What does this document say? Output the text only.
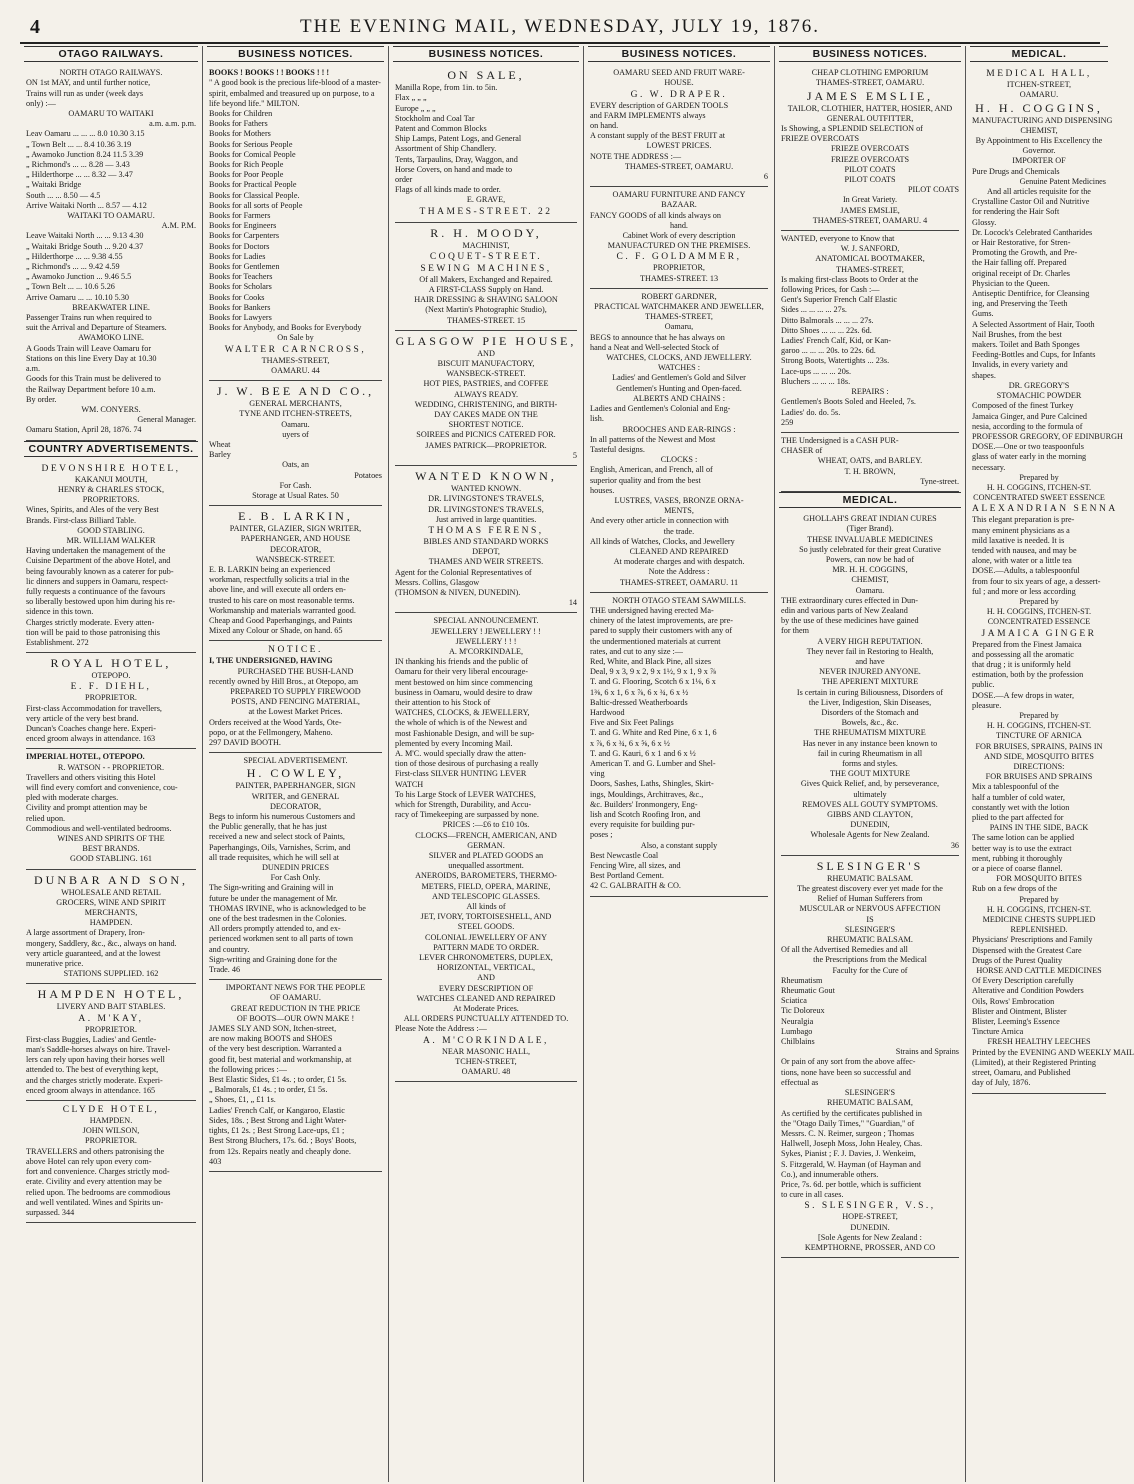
4	THE EVENING MAIL, WEDNESDAY, JULY 19, 1876.
OTAGO RAILWAYS.
NORTH OTAGO RAILWAYS.
ON 1st MAY, and until further notice,
Trains will run as under (week days
only) :—
OAMARU TO WAITAKI
a.m. a.m. p.m.
Leav Oamaru ... ... ... 8.0 10.30 3.15
„ Town Belt ... ... 8.4 10.36 3.19
„ Awamoko Junction 8.24 11.5 3.39
„ Richmond's ... ... 8.28 — 3.43
„ Hilderthorpe ... ... 8.32 — 3.47
„ Waitaki Bridge
South ... ... 8.50 — 4.5
Arrive Waitaki North ... 8.57 — 4.12
WAITAKI TO OAMARU.
A.M. P.M.
Leave Waitaki North ... ... 9.13 4.30
„ Waitaki Bridge South ... 9.20 4.37
„ Hilderthorpe ... ... 9.38 4.55
„ Richmond's ... ... 9.42 4.59
„ Awamoko Junction ... 9.46 5.5
„ Town Belt ... ... 10.6 5.26
Arrive Oamaru ... ... 10.10 5.30
BREAKWATER LINE.
Passenger Trains run when required to
suit the Arrival and Departure of Steamers.
AWAMOKO LINE.
A Goods Train will Leave Oamaru for
Stations on this line Every Day at 10.30
a.m.
Goods for this Train must be delivered to
the Railway Department before 10 a.m.
By order.
WM. CONYERS.
General Manager.
Oamaru Station, April 28, 1876. 74
COUNTRY ADVERTISEMENTS.
DEVONSHIRE HOTEL,
KAKANUI MOUTH,
HENRY & CHARLES STOCK,
PROPRIETORS.
Wines, Spirits, and Ales of the very Best
Brands. First-class Billiard Table.
GOOD STABLING.
MR. WILLIAM WALKER
Having undertaken the management of the
Cuisine Department of the above Hotel, and
being favourably known as a caterer for pub-
lic dinners and suppers in Oamaru, respect-
fully requests a continuance of the favours
so liberally bestowed upon him during his re-
sidence in this town.
Charges strictly moderate. Every atten-
tion will be paid to those patronising this
Establishment. 272
ROYAL HOTEL,
OTEPOPO.
E. F. DIEHL,
PROPRIETOR.
First-class Accommodation for travellers,
very article of the very best brand.
Duncan's Coaches change here. Experi-
enced groom always in attendance. 163
IMPERIAL HOTEL, OTEPOPO.
R. WATSON - - PROPRIETOR.
Travellers and others visiting this Hotel
will find every comfort and convenience, cou-
pled with moderate charges.
Civility and prompt attention may be
relied upon.
Commodious and well-ventilated bedrooms.
WINES AND SPIRITS OF THE
BEST BRANDS.
GOOD STABLING. 161
DUNBAR AND SON,
WHOLESALE AND RETAIL
GROCERS, WINE AND SPIRIT
MERCHANTS,
HAMPDEN.
A large assortment of Drapery, Iron-
mongery, Saddlery, &c., &c., always on hand.
very article guaranteed, and at the lowest
munerative price.
STATIONS SUPPLIED. 162
HAMPDEN HOTEL,
LIVERY AND BAIT STABLES.
A. M'KAY,
PROPRIETOR.
First-class Buggies, Ladies' and Gentle-
man's Saddle-horses always on hire. Travel-
lers can rely upon having their horses well
attended to. The best of everything kept,
and the charges strictly moderate. Experi-
enced groom always in attendance. 165
CLYDE HOTEL,
HAMPDEN.
JOHN WILSON,
PROPRIETOR.
TRAVELLERS and others patronising the
above Hotel can rely upon every com-
fort and convenience. Charges strictly mod-
erate. Civility and every attention may be
relied upon. The bedrooms are commodious
and well ventilated. Wines and Spirits un-
surpassed. 344
BUSINESS NOTICES.
BOOKS ! BOOKS ! ! BOOKS ! ! !
" A good book is the precious life-blood of a master-
spirit, embalmed and treasured up on purpose, to a
life beyond life." MILTON.
Books for Children
Books for Fathers
Books for Mothers
Books for Serious People
Books for Comical People
Books for Rich People
Books for Poor People
Books for Practical People
Books for Classical People.
Books for all sorts of People
Books for Farmers
Books for Engineers
Books for Carpenters
Books for Doctors
Books for Ladies
Books for Gentlemen
Books for Teachers
Books for Scholars
Books for Cooks
Books for Bankers
Books for Lawyers
Books for Anybody, and Books for Everybody
On Sale by
WALTER CARNCROSS,
THAMES-STREET,
OAMARU. 44
J. W. BEE AND CO.,
GENERAL MERCHANTS,
TYNE AND ITCHEN-STREETS,
Oamaru.
uyers of
Wheat
Barley
Oats, an
Potatoes
For Cash.
Storage at Usual Rates. 50
E. B. LARKIN,
PAINTER, GLAZIER, SIGN WRITER,
PAPERHANGER, AND HOUSE
DECORATOR,
WANSBECK-STREET.
E. B. LARKIN being an experienced
workman, respectfully solicits a trial in the
above line, and will execute all orders en-
trusted to his care on most reasonable terms.
Workmanship and materials warranted good.
Cheap and Good Paperhangings, and Paints
Mixed any Colour or Shade, on hand. 65
NOTICE.
I, THE UNDERSIGNED, HAVING
PURCHASED THE BUSH-LAND
recently owned by Hill Bros., at Otepopo, am
PREPARED TO SUPPLY FIREWOOD
POSTS, AND FENCING MATERIAL,
at the Lowest Market Prices.
Orders received at the Wood Yards, Ote-
popo, or at the Fellmongery, Maheno.
297 DAVID BOOTH.
SPECIAL ADVERTISEMENT.
H. COWLEY,
PAINTER, PAPERHANGER, SIGN
WRITER, and GENERAL
DECORATOR,
Begs to inform his numerous Customers and
the Public generally, that he has just
received a new and select stock of Paints,
Paperhangings, Oils, Varnishes, Scrim, and
all trade requisites, which he will sell at
DUNEDIN PRICES
For Cash Only.
The Sign-writing and Graining will in
future be under the management of Mr.
THOMAS IRVINE, who is acknowledged to be
one of the best tradesmen in the Colonies.
All orders promptly attended to, and ex-
perienced workmen sent to all parts of town
and country.
Sign-writing and Graining done for the
Trade. 46
IMPORTANT NEWS FOR THE PEOPLE
OF OAMARU.
GREAT REDUCTION IN THE PRICE
OF BOOTS—OUR OWN MAKE !
JAMES SLY AND SON, Itchen-street,
are now making BOOTS and SHOES
of the very best description. Warranted a
good fit, best material and workmanship, at
the following prices :—
Best Elastic Sides, £1 4s. ; to order, £1 5s.
„ Balmorals, £1 4s. ; to order, £1 5s.
„ Shoes, £1, „ £1 1s.
Ladies' French Calf, or Kangaroo, Elastic
Sides, 18s. ; Best Strong and Light Water-
tights, £1 2s. ; Best Strong Lace-ups, £1 ;
Best Strong Bluchers, 17s. 6d. ; Boys' Boots,
from 12s. Repairs neatly and cheaply done.
403
BUSINESS NOTICES.
ON SALE,
Manilla Rope, from 1in. to 5in.
Flax „ „ „
Europe „ „ „
Stockholm and Coal Tar
Patent and Common Blocks
Ship Lamps, Patent Logs, and General
Assortment of Ship Chandlery.
Tents, Tarpaulins, Dray, Waggon, and
Horse Covers, on hand and made to
order
Flags of all kinds made to order.
E. GRAVE,
THAMES-STREET. 22
R. H. MOODY,
MACHINIST,
COQUET-STREET.
SEWING MACHINES,
Of all Makers, Exchanged and Repaired.
A FIRST-CLASS Supply on Hand.
HAIR DRESSING & SHAVING SALOON
(Next Martin's Photographic Studio),
THAMES-STREET. 15
GLASGOW PIE HOUSE,
AND
BISCUIT MANUFACTORY,
WANSBECK-STREET.
HOT PIES, PASTRIES, and COFFEE
ALWAYS READY.
WEDDING, CHRISTENING, and BIRTH-
DAY CAKES MADE ON THE
SHORTEST NOTICE.
SOIREES and PICNICS CATERED FOR.
JAMES PATRICK—PROPRIETOR.
5
WANTED KNOWN,
WANTED KNOWN.
DR. LIVINGSTONE'S TRAVELS,
DR. LIVINGSTONE'S TRAVELS,
Just arrived in large quantities.
THOMAS FERENS,
BIBLES AND STANDARD WORKS
DEPOT,
THAMES AND WEIR STREETS.
Agent for the Colonial Representatives of
Messrs. Collins, Glasgow
(THOMSON & NIVEN, DUNEDIN).
14
SPECIAL ANNOUNCEMENT.
JEWELLERY ! JEWELLERY ! !
JEWELLERY ! ! !
A. M'CORKINDALE,
IN thanking his friends and the public of
Oamaru for their very liberal encourage-
ment bestowed on him since commencing
business in Oamaru, would desire to draw
their attention to his Stock of
WATCHES, CLOCKS, & JEWELLERY,
the whole of which is of the Newest and
most Fashionable Design, and will be sup-
plemented by every Incoming Mail.
A. M'C. would specially draw the atten-
tion of those desirous of purchasing a really
First-class SILVER HUNTING LEVER
WATCH
To his Large Stock of LEVER WATCHES,
which for Strength, Durability, and Accu-
racy of Timekeeping are surpassed by none.
PRICES :—£6 to £10 10s.
CLOCKS—FRENCH, AMERICAN, AND
GERMAN.
SILVER and PLATED GOODS an
unequalled assortment.
ANEROIDS, BAROMETERS, THERMO-
METERS, FIELD, OPERA, MARINE,
AND TELESCOPIC GLASSES.
All kinds of
JET, IVORY, TORTOISESHELL, AND
STEEL GOODS.
COLONIAL JEWELLERY OF ANY
PATTERN MADE TO ORDER.
LEVER CHRONOMETERS, DUPLEX,
HORIZONTAL, VERTICAL,
AND
EVERY DESCRIPTION OF
WATCHES CLEANED AND REPAIRED
At Moderate Prices.
ALL ORDERS PUNCTUALLY ATTENDED TO.
Please Note the Address :—
A. M'CORKINDALE,
NEAR MASONIC HALL,
TCHEN-STREET,
OAMARU. 48
BUSINESS NOTICES.
OAMARU SEED AND FRUIT WARE-
HOUSE.
G. W. DRAPER.
EVERY description of GARDEN TOOLS
and FARM IMPLEMENTS always
on hand.
A constant supply of the BEST FRUIT at
LOWEST PRICES.
NOTE THE ADDRESS :—
THAMES-STREET, OAMARU.
6
OAMARU FURNITURE AND FANCY
BAZAAR.
FANCY GOODS of all kinds always on
hand.
Cabinet Work of every description
MANUFACTURED ON THE PREMISES.
C. F. GOLDAMMER,
PROPRIETOR,
THAMES-STREET. 13
ROBERT GARDNER,
PRACTICAL WATCHMAKER AND JEWELLER,
THAMES-STREET,
Oamaru,
BEGS to announce that he has always on
hand a Neat and Well-selected Stock of
WATCHES, CLOCKS, AND JEWELLERY.
WATCHES :
Ladies' and Gentlemen's Gold and Silver
Gentlemen's Hunting and Open-faced.
ALBERTS AND CHAINS :
Ladies and Gentlemen's Colonial and Eng-
lish.
BROOCHES AND EAR-RINGS :
In all patterns of the Newest and Most
Tasteful designs.
CLOCKS :
English, American, and French, all of
superior quality and from the best
houses.
LUSTRES, VASES, BRONZE ORNA-
MENTS,
And every other article in connection with
the trade.
All kinds of Watches, Clocks, and Jewellery
CLEANED AND REPAIRED
At moderate charges and with despatch.
Note the Address :
THAMES-STREET, OAMARU. 11
NORTH OTAGO STEAM SAWMILLS.
THE undersigned having erected Ma-
chinery of the latest improvements, are pre-
pared to supply their customers with any of
the undermentioned materials at current
rates, and cut to any size :—
Red, White, and Black Pine, all sizes
Deal, 9 x 3, 9 x 2, 9 x 1½, 9 x 1, 9 x ⅞
T. and G. Flooring, Scotch 6 x 1⅛, 6 x
1⅜, 6 x 1, 6 x ⅞, 6 x ¾, 6 x ½
Baltic-dressed Weatherboards
Hardwood
Five and Six Feet Palings
T. and G. White and Red Pine, 6 x 1, 6
x ⅞, 6 x ¾, 6 x ⅝, 6 x ½
T. and G. Kauri, 6 x 1 and 6 x ½
American T. and G. Lumber and Shel-
ving
Doors, Sashes, Laths, Shingles, Skirt-
ings, Mouldings, Architraves, &c.,
&c. Builders' Ironmongery, Eng-
lish and Scotch Roofing Iron, and
every requisite for building pur-
poses ;
Also, a constant supply
Best Newcastle Coal
Fencing Wire, all sizes, and
Best Portland Cement.
42 C. GALBRAITH & CO.
BUSINESS NOTICES.
CHEAP CLOTHING EMPORIUM
THAMES-STREET, OAMARU.
JAMES EMSLIE,
TAILOR, CLOTHIER, HATTER, HOSIER, AND
GENERAL OUTFITTER,
Is Showing, a SPLENDID SELECTION of
FRIEZE OVERCOATS
FRIEZE OVERCOATS
FRIEZE OVERCOATS
PILOT COATS
PILOT COATS
PILOT COATS
In Great Variety.
JAMES EMSLIE,
THAMES-STREET, OAMARU. 4
WANTED, everyone to Know that
W. J. SANFORD,
ANATOMICAL BOOTMAKER,
THAMES-STREET,
Is making first-class Boots to Order at the
following Prices, for Cash :—
Gent's Superior French Calf Elastic
Sides ... ... ... ... 27s.
Ditto Balmorals ... ... ... 27s.
Ditto Shoes ... ... ... 22s. 6d.
Ladies' French Calf, Kid, or Kan-
garoo ... ... ... 20s. to 22s. 6d.
Strong Boots, Watertights ... 23s.
Lace-ups ... ... ... 20s.
Bluchers ... ... ... 18s.
REPAIRS :
Gentlemen's Boots Soled and Heeled, 7s.
Ladies' do. do. 5s.
259
THE Undersigned is a CASH PUR-
CHASER of
WHEAT, OATS, and BARLEY.
T. H. BROWN,
Tyne-street.
MEDICAL.
GHOLLAH'S GREAT INDIAN CURES
(Tiger Brand).
THESE INVALUABLE MEDICINES
So justly celebrated for their great Curative
Powers, can now be had of
MR. H. H. COGGINS,
CHEMIST,
Oamaru.
THE extraordinary cures effected in Dun-
edin and various parts of New Zealand
by the use of these medicines have gained
for them
A VERY HIGH REPUTATION.
They never fail in Restoring to Health,
and have
NEVER INJURED ANYONE.
THE APERIENT MIXTURE
Is certain in curing Biliousness, Disorders of
the Liver, Indigestion, Skin Diseases,
Disorders of the Stomach and
Bowels, &c., &c.
THE RHEUMATISM MIXTURE
Has never in any instance been known to
fail in curing Rheumatism in all
forms and styles.
THE GOUT MIXTURE
Gives Quick Relief, and, by perseverance,
ultimately
REMOVES ALL GOUTY SYMPTOMS.
GIBBS AND CLAYTON,
DUNEDIN,
Wholesale Agents for New Zealand.
36
SLESINGER'S
RHEUMATIC BALSAM.
The greatest discovery ever yet made for the
Relief of Human Sufferers from
MUSCULAR or NERVOUS AFFECTION
IS
SLESINGER'S
RHEUMATIC BALSAM.
Of all the Advertised Remedies and all
the Prescriptions from the Medical
Faculty for the Cure of
Rheumatism
Rheumatic Gout
Sciatica
Tic Doloreux
Neuralgia
Lumbago
Chilblains
Strains and Sprains
Or pain of any sort from the above affec-
tions, none have been so successful and
effectual as
SLESINGER'S
RHEUMATIC BALSAM,
As certified by the certificates published in
the "Otago Daily Times," "Guardian," of
Messrs. C. N. Reimer, surgeon ; Thomas
Hallwell, Joseph Moss, John Healey, Chas.
Sykes, Pianist ; F. J. Davies, J. Wenkeim,
S. Fitzgerald, W. Hayman (of Hayman and
Co.), and innumerable others.
Price, 7s. 6d. per bottle, which is sufficient
to cure in all cases.
S. SLESINGER, V.S.,
HOPE-STREET,
DUNEDIN.
[Sole Agents for New Zealand :
KEMPTHORNE, PROSSER, AND CO
MEDICAL.
MEDICAL HALL,
ITCHEN-STREET,
OAMARU.
H. H. COGGINS,
MANUFACTURING AND DISPENSING
CHEMIST,
By Appointment to His Excellency the
Governor.
IMPORTER OF
Pure Drugs and Chemicals
Genuine Patent Medicines
And all articles requisite for the
Crystalline Castor Oil and Nutritive
for rendering the Hair Soft
Glossy.
Dr. Locock's Celebrated Cantharides
or Hair Restorative, for Stren-
Promoting the Growth, and Pre-
the Hair falling off. Prepared
original receipt of Dr. Charles
Physician to the Queen.
Antiseptic Dentifrice, for Cleansing
ing, and Preserving the Teeth
Gums.
A Selected Assortment of Hair, Tooth
Nail Brushes, from the best
makers. Toilet and Bath Sponges
Feeding-Bottles and Cups, for Infants
Invalids, in every variety and
shapes.
DR. GREGORY'S
STOMACHIC POWDER
Composed of the finest Turkey
Jamaica Ginger, and Pure Calcined
nesia, according to the formula of
PROFESSOR GREGORY, OF EDINBURGH
DOSE.—One or two teaspoonfuls
glass of water early in the morning
necessary.
Prepared by
H. H. COGGINS, ITCHEN-ST.
CONCENTRATED SWEET ESSENCE
ALEXANDRIAN SENNA
This elegant preparation is pre-
many eminent physicians as a
mild laxative is needed. It is
tended with nausea, and may be
alone, with water or a little tea
DOSE.—Adults, a tablespoonful
from four to six years of age, a dessert-
ful ; and more or less according
Prepared by
H. H. COGGINS, ITCHEN-ST.
CONCENTRATED ESSENCE
JAMAICA GINGER
Prepared from the Finest Jamaica
and possessing all the aromatic
that drug ; it is uniformly held
estimation, both by the profession
public.
DOSE.—A few drops in water,
pleasure.
Prepared by
H. H. COGGINS, ITCHEN-ST.
TINCTURE OF ARNICA
FOR BRUISES, SPRAINS, PAINS IN
AND SIDE, MOSQUITO BITES
DIRECTIONS:
FOR BRUISES AND SPRAINS
Mix a tablespoonful of the
half a tumbler of cold water,
constantly wet with the lotion
plied to the part affected for
PAINS IN THE SIDE, BACK
The same lotion can be applied
better way is to use the extract
ment, rubbing it thoroughly
or a piece of coarse flannel.
FOR MOSQUITO BITES
Rub on a few drops of the
Prepared by
H. H. COGGINS, ITCHEN-ST.
MEDICINE CHESTS SUPPLIED
REPLENISHED.
Physicians' Prescriptions and Family
Dispensed with the Greatest Care
Drugs of the Purest Quality
HORSE AND CATTLE MEDICINES
Of Every Description carefully
Alterative and Condition Powders
Oils, Rows' Embrocation
Blister and Ointment, Blister
Blister, Leeming's Essence
Tincture Arnica
FRESH HEALTHY LEECHES
Printed by the EVENING AND WEEKLY MAIL
(Limited), at their Registered Printing
street, Oamaru, and Published
day of July, 1876.
